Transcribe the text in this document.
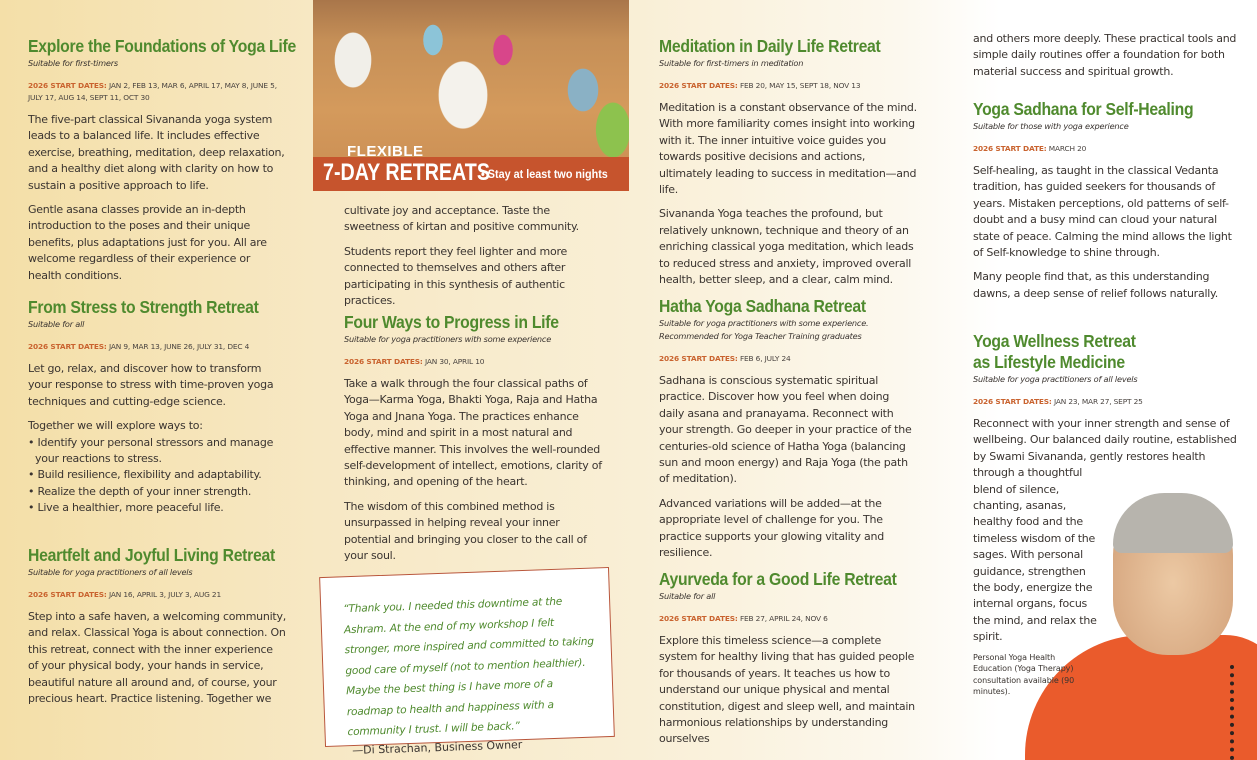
Explore the Foundations of Yoga Life
Suitable for first-timers
2026 START DATES: JAN 2, FEB 13, MAR 6, APRIL 17, MAY 8, JUNE 5, JULY 17, AUG 14, SEPT 11, OCT 30

The five-part classical Sivananda yoga system leads to a balanced life. It includes effective exercise, breathing, meditation, deep relaxation, and a healthy diet along with clarity on how to sustain a positive approach to life.

Gentle asana classes provide an in-depth introduction to the poses and their unique benefits, plus adaptations just for you. All are welcome regardless of their experience or health conditions.

From Stress to Strength Retreat
Suitable for all
2026 START DATES: JAN 9, MAR 13, JUNE 26, JULY 31, DEC 4

Let go, relax, and discover how to transform your response to stress with time-proven yoga techniques and cutting-edge science.

Together we will explore ways to:

• Identify your personal stressors and manage your reactions to stress.
• Build resilience, flexibility and adaptability.
• Realize the depth of your inner strength.
• Live a healthier, more peaceful life.
Heartfelt and Joyful Living Retreat
Suitable for yoga practitioners of all levels
2026 START DATES: JAN 16, APRIL 3, JULY 3, AUG 21

Step into a safe haven, a welcoming community, and relax. Classical Yoga is about connection. On this retreat, connect with the inner experience of your physical body, your hands in service, beautiful nature all around and, of course, your precious heart. Practice listening. Together we

FLEXIBLE
7-DAY RETREATS
• Stay at least two nights

cultivate joy and acceptance. Taste the sweetness of kirtan and positive community.

Students report they feel lighter and more connected to themselves and others after participating in this synthesis of authentic practices.

Four Ways to Progress in Life
Suitable for yoga practitioners with some experience
2026 START DATES: JAN 30, APRIL 10

Take a walk through the four classical paths of Yoga—Karma Yoga, Bhakti Yoga, Raja and Hatha Yoga and Jnana Yoga. The practices enhance body, mind and spirit in a most natural and effective manner. This involves the well-rounded self-development of intellect, emotions, clarity of thinking, and opening of the heart.

The wisdom of this combined method is unsurpassed in helping reveal your inner potential and bringing you closer to the call of your soul.

“Thank you. I needed this downtime at the Ashram. At the end of my workshop I felt stronger, more inspired and committed to taking good care of myself (not to mention healthier). Maybe the best thing is I have more of a roadmap to health and happiness with a community I trust. I will be back.”

—Di Strachan, Business Owner
Meditation in Daily Life Retreat
Suitable for first-timers in meditation
2026 START DATES: FEB 20, MAY 15, SEPT 18, NOV 13

Meditation is a constant observance of the mind. With more familiarity comes insight into working with it. The inner intuitive voice guides you towards positive decisions and actions, ultimately leading to success in meditation—and life.

Sivananda Yoga teaches the profound, but relatively unknown, technique and theory of an enriching classical yoga meditation, which leads to reduced stress and anxiety, improved overall health, better sleep, and a clear, calm mind.

Hatha Yoga Sadhana Retreat
Suitable for yoga practitioners with some experience.
Recommended for Yoga Teacher Training graduates
2026 START DATES: FEB 6, JULY 24

Sadhana is conscious systematic spiritual practice. Discover how you feel when doing daily asana and pranayama. Reconnect with your strength. Go deeper in your practice of the centuries-old science of Hatha Yoga (balancing sun and moon energy) and Raja Yoga (the path of meditation).

Advanced variations will be added—at the appropriate level of challenge for you. The practice supports your glowing vitality and resilience.

Ayurveda for a Good Life Retreat
Suitable for all
2026 START DATES: FEB 27, APRIL 24, NOV 6

Explore this timeless science—a complete system for healthy living that has guided people for thousands of years. It teaches us how to understand our unique physical and mental constitution, digest and sleep well, and maintain harmonious relationships by understanding ourselves

and others more deeply. These practical tools and simple daily routines offer a foundation for both material success and spiritual growth.

Yoga Sadhana for Self-Healing
Suitable for those with yoga experience
2026 START DATE: MARCH 20

Self-healing, as taught in the classical Vedanta tradition, has guided seekers for thousands of years. Mistaken perceptions, old patterns of self-doubt and a busy mind can cloud your natural state of peace. Calming the mind allows the light of Self-knowledge to shine through.

Many people find that, as this understanding dawns, a deep sense of relief follows naturally.

Yoga Wellness Retreat
as Lifestyle Medicine
Suitable for yoga practitioners of all levels
2026 START DATES: JAN 23, MAR 27, SEPT 25

Reconnect with your inner strength and sense of wellbeing. Our balanced daily routine, established by Swami Sivananda, gently restores health

through a thoughtful blend of silence, chanting, asanas, healthy food and the timeless wisdom of the sages. With personal guidance, strengthen the body, energize the internal organs, focus the mind, and relax the spirit.

Personal Yoga Health Education (Yoga Therapy) consultation available (90 minutes).
